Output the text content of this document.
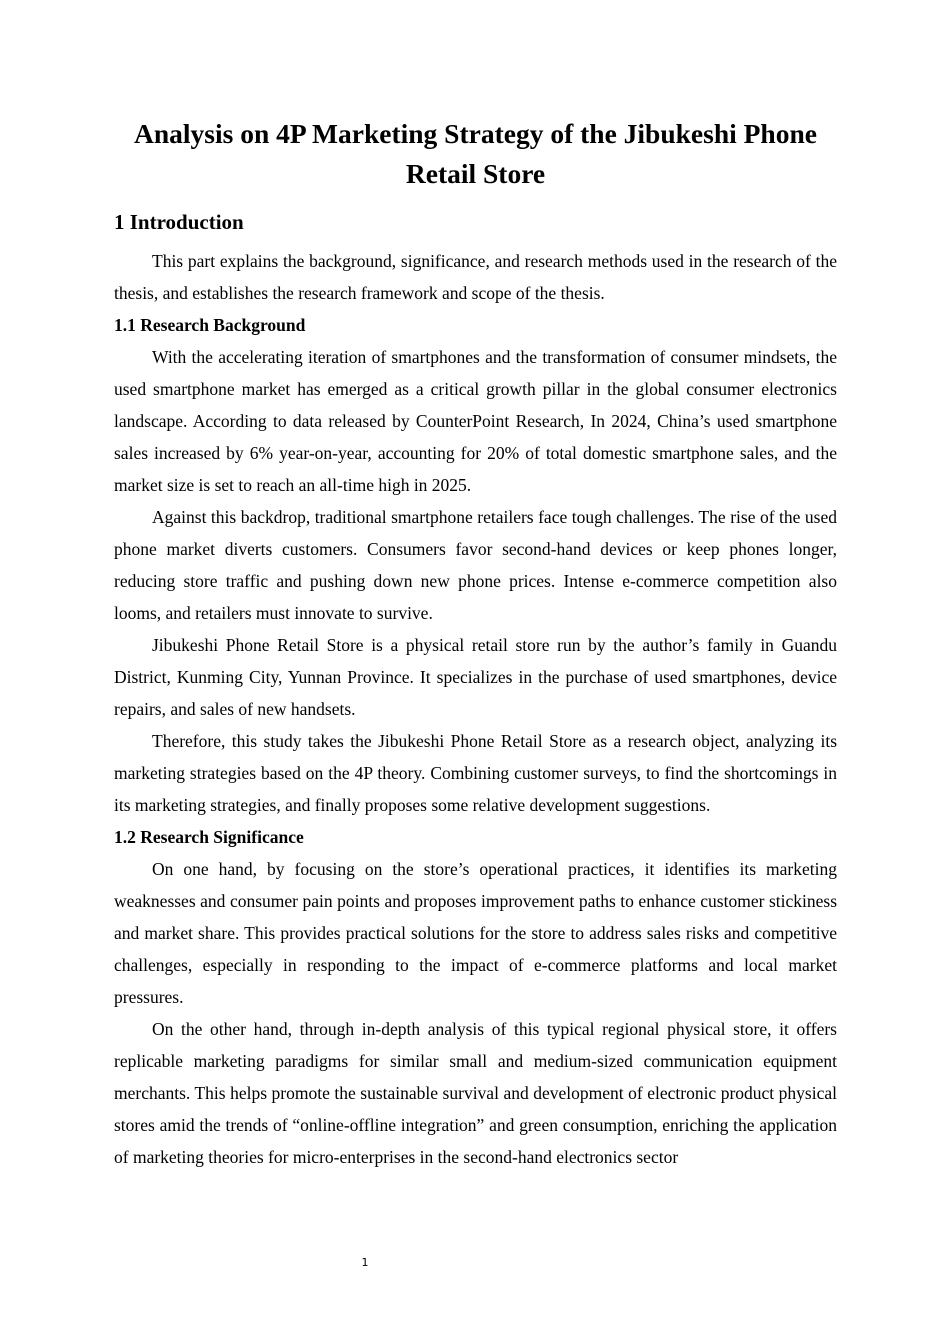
Analysis on 4P Marketing Strategy of the Jibukeshi Phone Retail Store
1 Introduction

This part explains the background, significance, and research methods used in the research of the thesis, and establishes the research framework and scope of the thesis.

1.1 Research Background

With the accelerating iteration of smartphones and the transformation of consumer mindsets, the used smartphone market has emerged as a critical growth pillar in the global consumer electronics landscape. According to data released by CounterPoint Research, In 2024, China’s used smartphone sales increased by 6% year-on-year, accounting for 20% of total domestic smartphone sales, and the market size is set to reach an all-time high in 2025.

Against this backdrop, traditional smartphone retailers face tough challenges. The rise of the used phone market diverts customers. Consumers favor second-hand devices or keep phones longer, reducing store traffic and pushing down new phone prices. Intense e-commerce competition also looms, and retailers must innovate to survive.

Jibukeshi Phone Retail Store is a physical retail store run by the author’s family in Guandu District, Kunming City, Yunnan Province. It specializes in the purchase of used smartphones, device repairs, and sales of new handsets.

Therefore, this study takes the Jibukeshi Phone Retail Store as a research object, analyzing its marketing strategies based on the 4P theory. Combining customer surveys, to find the shortcomings in its marketing strategies, and finally proposes some relative development suggestions.

1.2 Research Significance

On one hand, by focusing on the store’s operational practices, it identifies its marketing weaknesses and consumer pain points and proposes improvement paths to enhance customer stickiness and market share. This provides practical solutions for the store to address sales risks and competitive challenges, especially in responding to the impact of e-commerce platforms and local market pressures.

On the other hand, through in-depth analysis of this typical regional physical store, it offers replicable marketing paradigms for similar small and medium-sized communication equipment merchants. This helps promote the sustainable survival and development of electronic product physical stores amid the trends of “online-offline integration” and green consumption, enriching the application of marketing theories for micro-enterprises in the second-hand electronics sector

1
